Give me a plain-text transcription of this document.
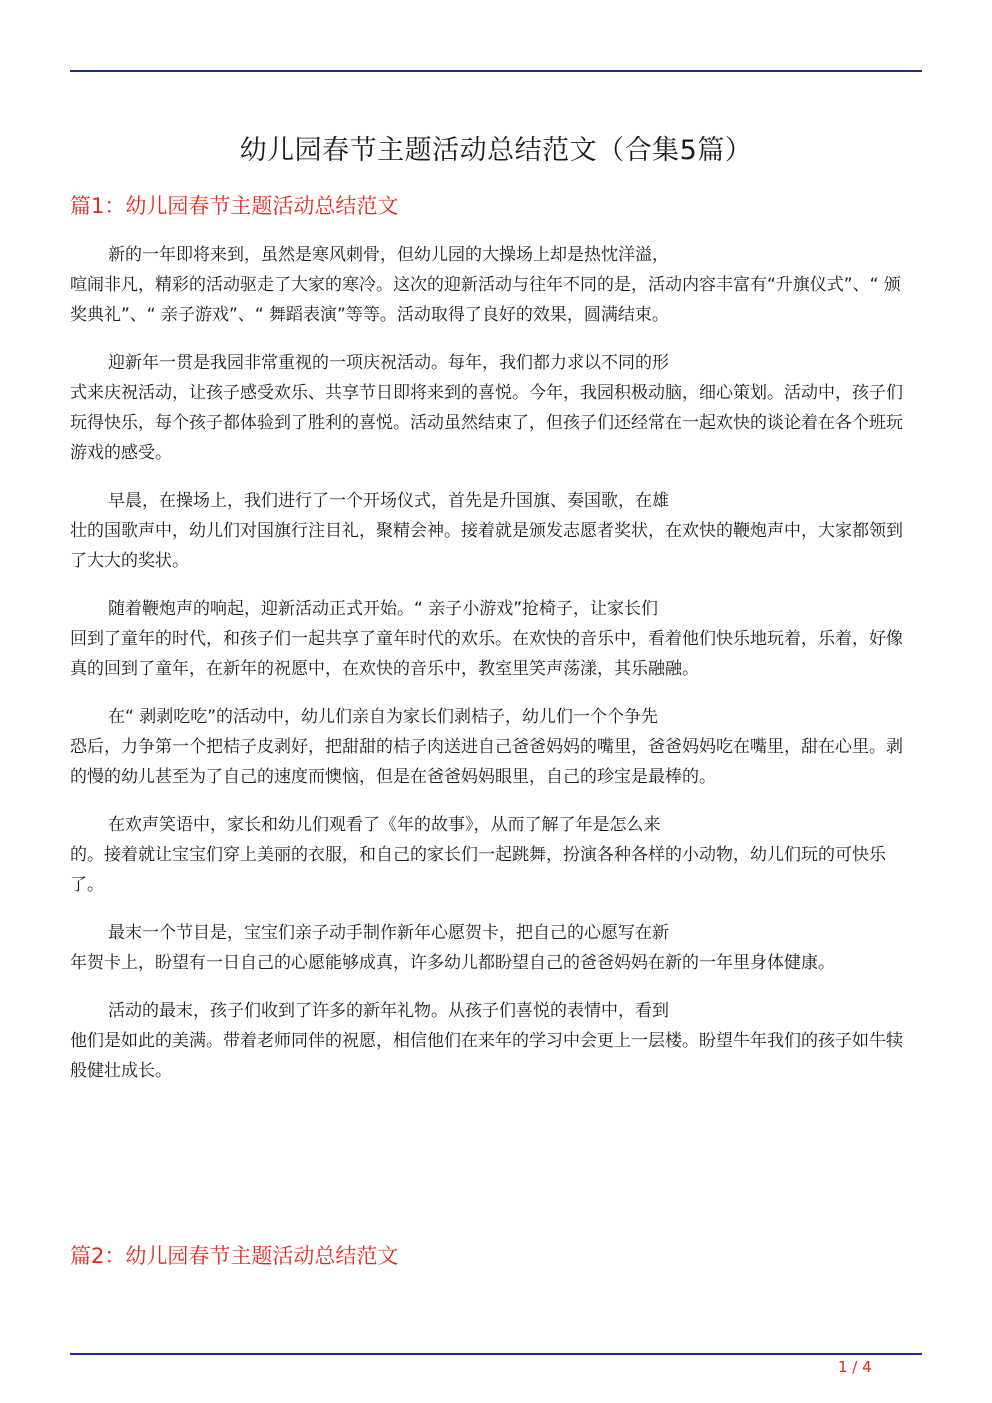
幼儿园春节主题活动总结范文（合集5篇）
篇1：幼儿园春节主题活动总结范文

新的一年即将来到，虽然是寒风刺骨，但幼儿园的大操场上却是热忱洋溢，
喧闹非凡，精彩的活动驱走了大家的寒冷。这次的迎新活动与往年不同的是，活动内容丰富有“升旗仪式”、“ 颁奖典礼”、“ 亲子游戏”、“ 舞蹈表演”等等。活动取得了良好的效果，圆满结束。

迎新年一贯是我园非常重视的一项庆祝活动。每年，我们都力求以不同的形
式来庆祝活动，让孩子感受欢乐、共享节日即将来到的喜悦。今年，我园积极动脑，细心策划。活动中，孩子们玩得快乐，每个孩子都体验到了胜利的喜悦。活动虽然结束了，但孩子们还经常在一起欢快的谈论着在各个班玩游戏的感受。

早晨，在操场上，我们进行了一个开场仪式，首先是升国旗、奏国歌，在雄
壮的国歌声中，幼儿们对国旗行注目礼，聚精会神。接着就是颁发志愿者奖状，在欢快的鞭炮声中，大家都领到了大大的奖状。

随着鞭炮声的响起，迎新活动正式开始。“ 亲子小游戏”抢椅子，让家长们
回到了童年的时代，和孩子们一起共享了童年时代的欢乐。在欢快的音乐中，看着他们快乐地玩着，乐着，好像真的回到了童年，在新年的祝愿中，在欢快的音乐中，教室里笑声荡漾，其乐融融。

在“ 剥剥吃吃”的活动中，幼儿们亲自为家长们剥桔子，幼儿们一个个争先
恐后，力争第一个把桔子皮剥好，把甜甜的桔子肉送进自己爸爸妈妈的嘴里，爸爸妈妈吃在嘴里，甜在心里。剥的慢的幼儿甚至为了自己的速度而懊恼，但是在爸爸妈妈眼里，自己的珍宝是最棒的。

在欢声笑语中，家长和幼儿们观看了《年的故事》，从而了解了年是怎么来
的。接着就让宝宝们穿上美丽的衣服，和自己的家长们一起跳舞，扮演各种各样的小动物，幼儿们玩的可快乐了。

最末一个节目是，宝宝们亲子动手制作新年心愿贺卡，把自己的心愿写在新
年贺卡上，盼望有一日自己的心愿能够成真，许多幼儿都盼望自己的爸爸妈妈在新的一年里身体健康。

活动的最末，孩子们收到了许多的新年礼物。从孩子们喜悦的表情中，看到
他们是如此的美满。带着老师同伴的祝愿，相信他们在来年的学习中会更上一层楼。盼望牛年我们的孩子如牛犊般健壮成长。

篇2：幼儿园春节主题活动总结范文
1 / 4
